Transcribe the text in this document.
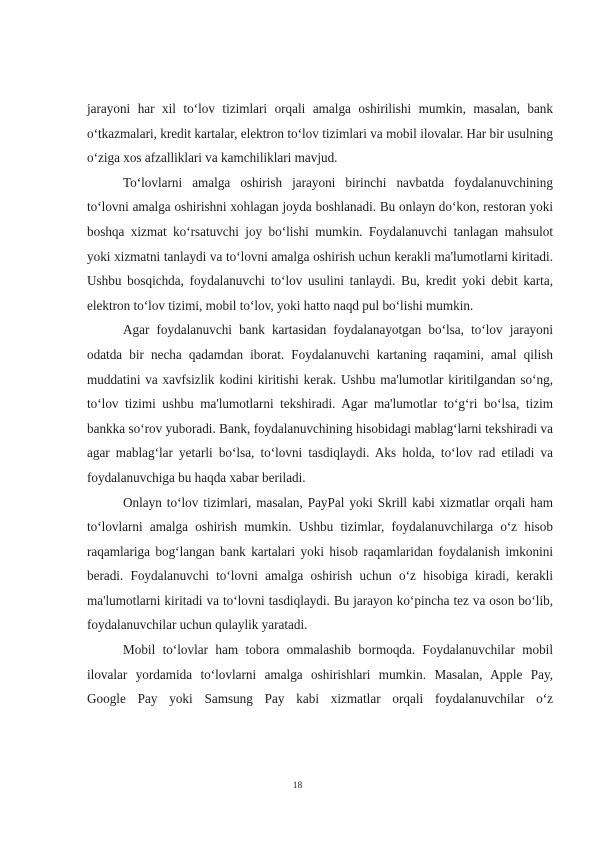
jarayoni har xil to‘lov tizimlari orqali amalga oshirilishi mumkin, masalan, bank o‘tkazmalari, kredit kartalar, elektron to‘lov tizimlari va mobil ilovalar. Har bir usulning o‘ziga xos afzalliklari va kamchiliklari mavjud.

To‘lovlarni amalga oshirish jarayoni birinchi navbatda foydalanuvchining to‘lovni amalga oshirishni xohlagan joyda boshlanadi. Bu onlayn do‘kon, restoran yoki boshqa xizmat ko‘rsatuvchi joy bo‘lishi mumkin. Foydalanuvchi tanlagan mahsulot yoki xizmatni tanlaydi va to‘lovni amalga oshirish uchun kerakli ma'lumotlarni kiritadi. Ushbu bosqichda, foydalanuvchi to‘lov usulini tanlaydi. Bu, kredit yoki debit karta, elektron to‘lov tizimi, mobil to‘lov, yoki hatto naqd pul bo‘lishi mumkin.

Agar foydalanuvchi bank kartasidan foydalanayotgan bo‘lsa, to‘lov jarayoni odatda bir necha qadamdan iborat. Foydalanuvchi kartaning raqamini, amal qilish muddatini va xavfsizlik kodini kiritishi kerak. Ushbu ma'lumotlar kiritilgandan so‘ng, to‘lov tizimi ushbu ma'lumotlarni tekshiradi. Agar ma'lumotlar to‘g‘ri bo‘lsa, tizim bankka so‘rov yuboradi. Bank, foydalanuvchining hisobidagi mablag‘larni tekshiradi va agar mablag‘lar yetarli bo‘lsa, to‘lovni tasdiqlaydi. Aks holda, to‘lov rad etiladi va foydalanuvchiga bu haqda xabar beriladi.

Onlayn to‘lov tizimlari, masalan, PayPal yoki Skrill kabi xizmatlar orqali ham to‘lovlarni amalga oshirish mumkin. Ushbu tizimlar, foydalanuvchilarga o‘z hisob raqamlariga bog‘langan bank kartalari yoki hisob raqamlaridan foydalanish imkonini beradi. Foydalanuvchi to‘lovni amalga oshirish uchun o‘z hisobiga kiradi, kerakli ma'lumotlarni kiritadi va to‘lovni tasdiqlaydi. Bu jarayon ko‘pincha tez va oson bo‘lib, foydalanuvchilar uchun qulaylik yaratadi.

Mobil to‘lovlar ham tobora ommalashib bormoqda. Foydalanuvchilar mobil ilovalar yordamida to‘lovlarni amalga oshirishlari mumkin. Masalan, Apple Pay, Google Pay yoki Samsung Pay kabi xizmatlar orqali foydalanuvchilar o‘z

18
